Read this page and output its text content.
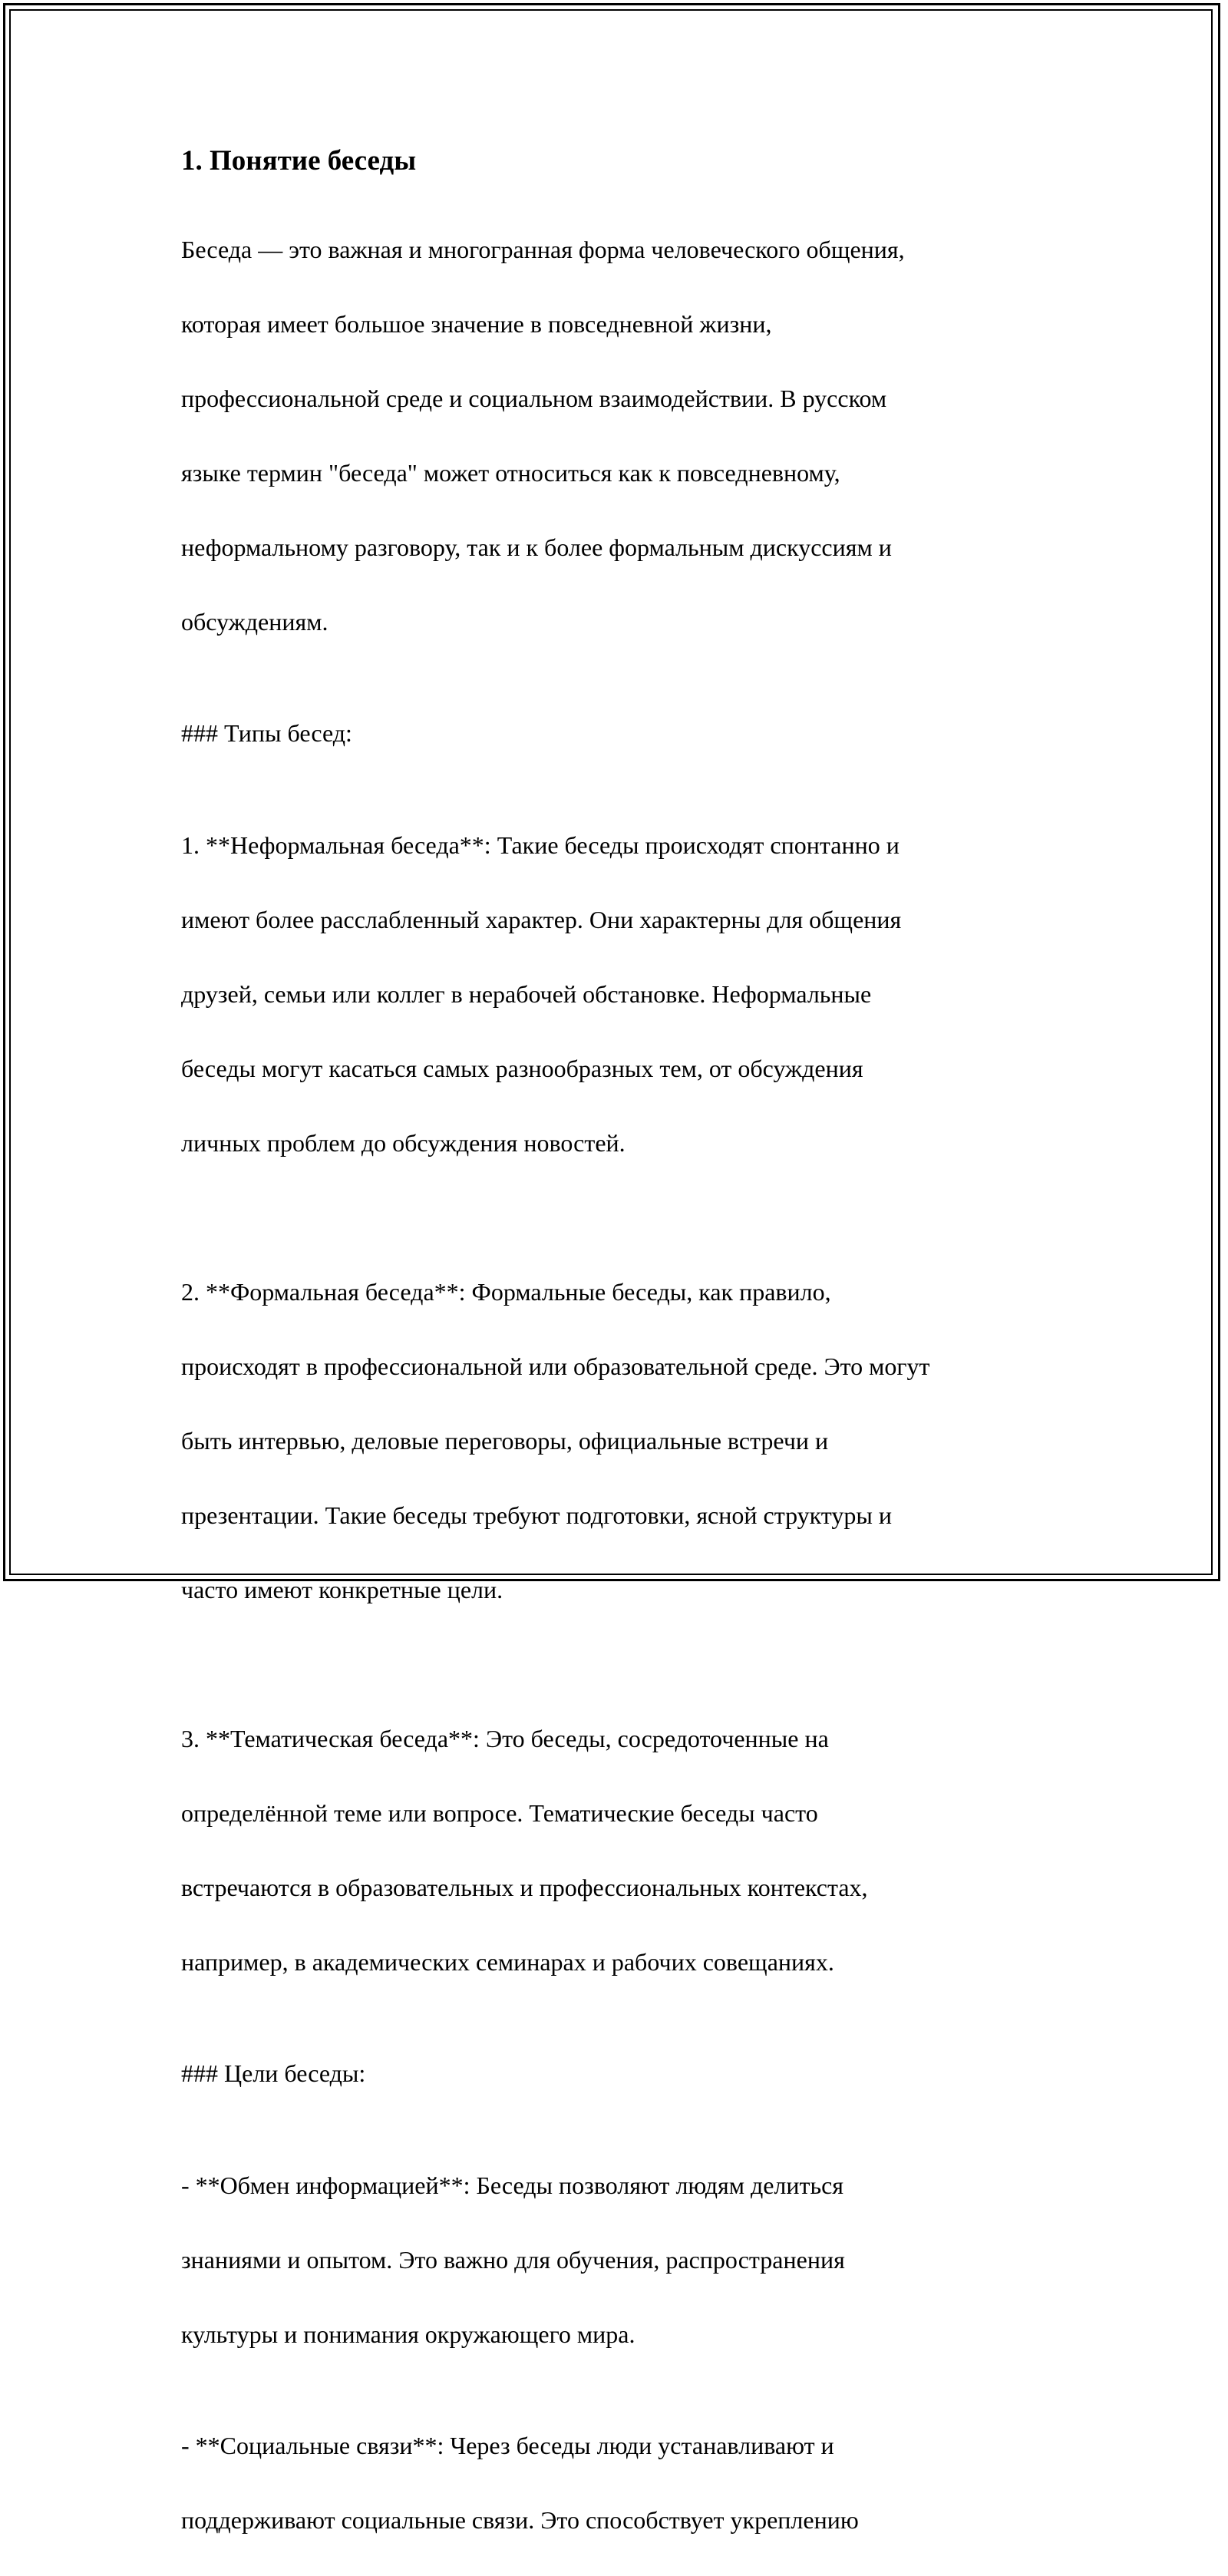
1. Понятие беседы

Беседа — это важная и многогранная форма человеческого общения,

которая имеет большое значение в повседневной жизни,

профессиональной среде и социальном взаимодействии. В русском

языке термин "беседа" может относиться как к повседневному,

неформальному разговору, так и к более формальным дискуссиям и

обсуждениям.

### Типы бесед:

1. **Неформальная беседа**: Такие беседы происходят спонтанно и

имеют более расслабленный характер. Они характерны для общения

друзей, семьи или коллег в нерабочей обстановке. Неформальные

беседы могут касаться самых разнообразных тем, от обсуждения

личных проблем до обсуждения новостей.

2. **Формальная беседа**: Формальные беседы, как правило,

происходят в профессиональной или образовательной среде. Это могут

быть интервью, деловые переговоры, официальные встречи и

презентации. Такие беседы требуют подготовки, ясной структуры и

часто имеют конкретные цели.

3. **Тематическая беседа**: Это беседы, сосредоточенные на

определённой теме или вопросе. Тематические беседы часто

встречаются в образовательных и профессиональных контекстах,

например, в академических семинарах и рабочих совещаниях.

### Цели беседы:

- **Обмен информацией**: Беседы позволяют людям делиться

знаниями и опытом. Это важно для обучения, распространения

культуры и понимания окружающего мира.

- **Социальные связи**: Через беседы люди устанавливают и

поддерживают социальные связи. Это способствует укреплению
